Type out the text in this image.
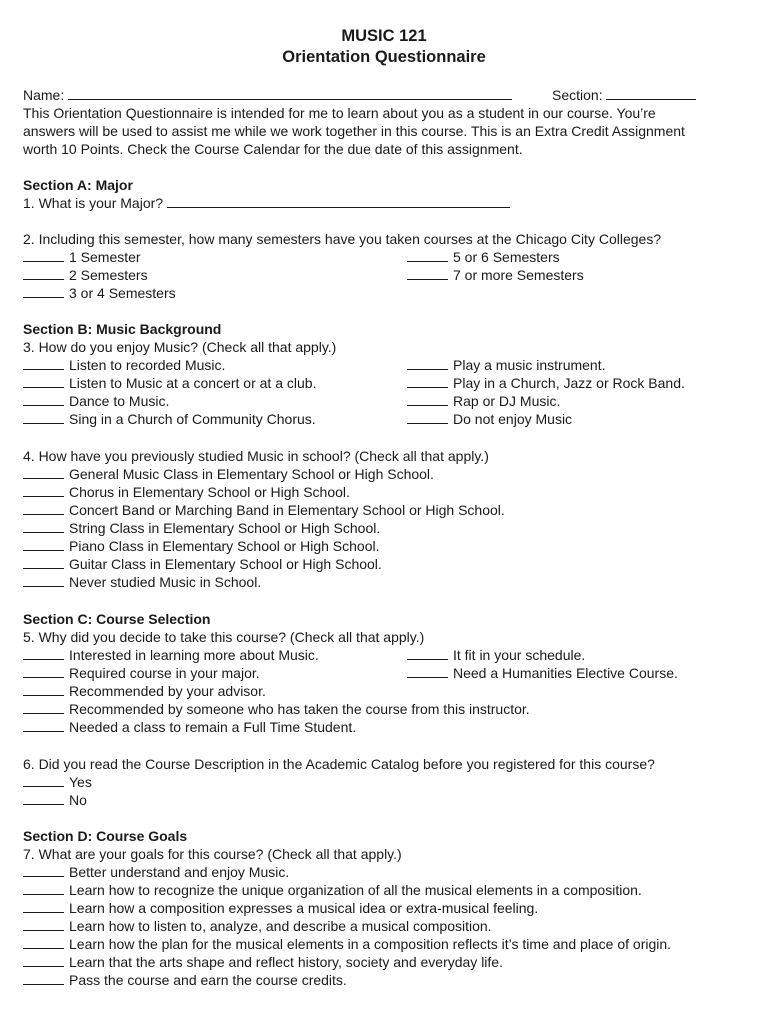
MUSIC 121
Orientation Questionnaire
Name:	Section:
This Orientation Questionnaire is intended for me to learn about you as a student in our course. You’re
answers will be used to assist me while we work together in this course. This is an Extra Credit Assignment
worth 10 Points. Check the Course Calendar for the due date of this assignment.
Section A: Major
1. What is your Major?
2. Including this semester, how many semesters have you taken courses at the Chicago City Colleges?
1 Semester	5 or 6 Semesters
2 Semesters	7 or more Semesters
3 or 4 Semesters
Section B: Music Background
3. How do you enjoy Music? (Check all that apply.)
Listen to recorded Music.	Play a music instrument.
Listen to Music at a concert or at a club.	Play in a Church, Jazz or Rock Band.
Dance to Music.	Rap or DJ Music.
Sing in a Church of Community Chorus.	Do not enjoy Music
4. How have you previously studied Music in school? (Check all that apply.)
General Music Class in Elementary School or High School.
Chorus in Elementary School or High School.
Concert Band or Marching Band in Elementary School or High School.
String Class in Elementary School or High School.
Piano Class in Elementary School or High School.
Guitar Class in Elementary School or High School.
Never studied Music in School.
Section C: Course Selection
5. Why did you decide to take this course? (Check all that apply.)
Interested in learning more about Music.	It fit in your schedule.
Required course in your major.	Need a Humanities Elective Course.
Recommended by your advisor.
Recommended by someone who has taken the course from this instructor.
Needed a class to remain a Full Time Student.
6. Did you read the Course Description in the Academic Catalog before you registered for this course?
Yes
No
Section D: Course Goals
7. What are your goals for this course? (Check all that apply.)
Better understand and enjoy Music.
Learn how to recognize the unique organization of all the musical elements in a composition.
Learn how a composition expresses a musical idea or extra-musical feeling.
Learn how to listen to, analyze, and describe a musical composition.
Learn how the plan for the musical elements in a composition reflects it’s time and place of origin.
Learn that the arts shape and reflect history, society and everyday life.
Pass the course and earn the course credits.
